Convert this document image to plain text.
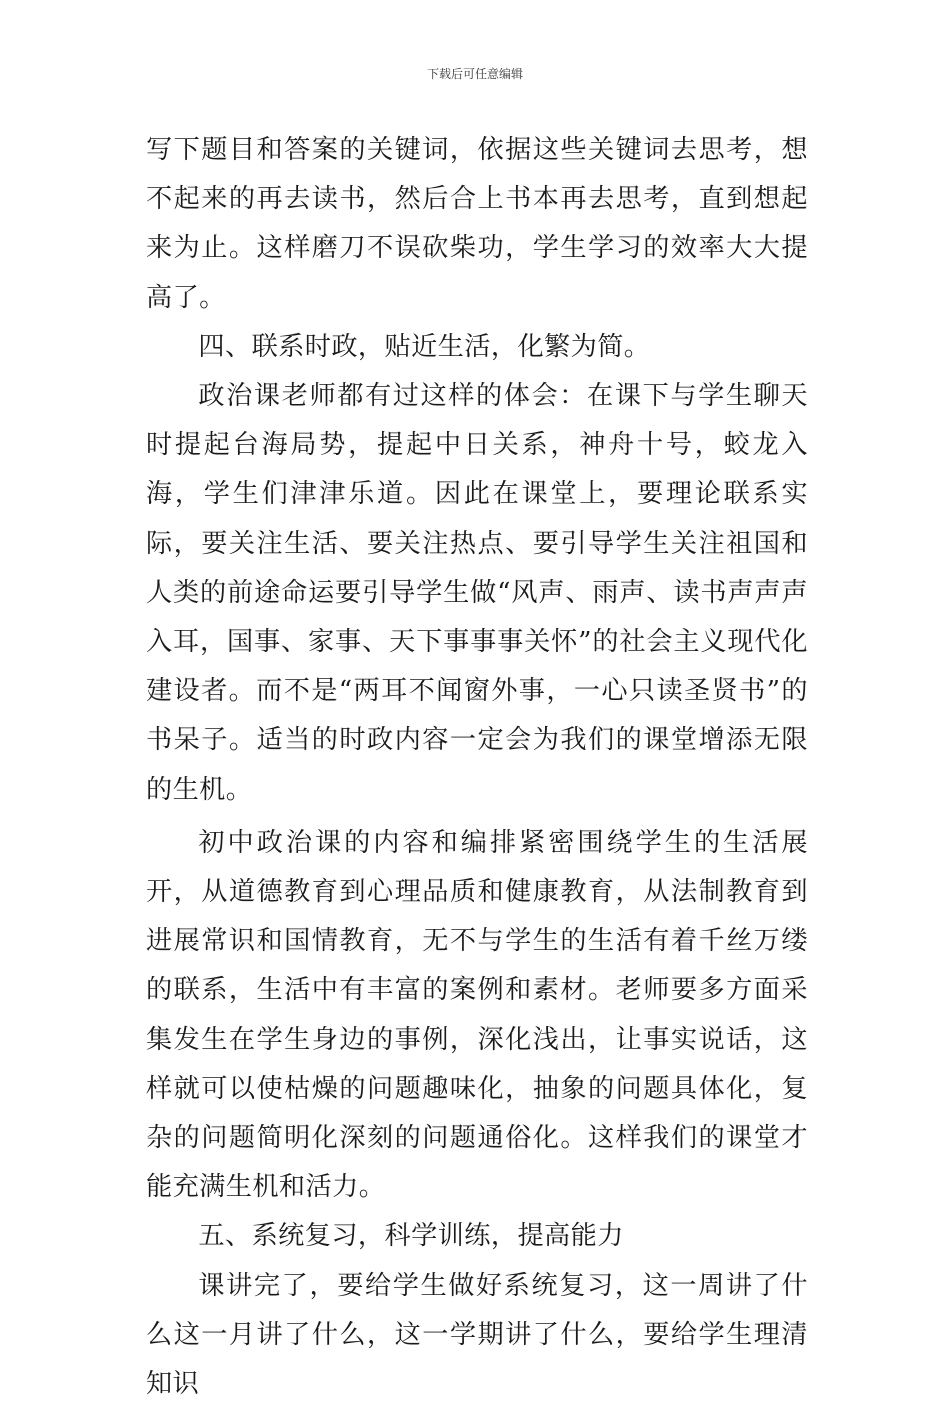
下载后可任意编辑

写下题目和答案的关键词，依据这些关键词去思考，想不起来的再去读书，然后合上书本再去思考，直到想起来为止。这样磨刀不误砍柴功，学生学习的效率大大提高了。

四、联系时政，贴近生活，化繁为简。

政治课老师都有过这样的体会：在课下与学生聊天时提起台海局势，提起中日关系，神舟十号，蛟龙入海，学生们津津乐道。因此在课堂上，要理论联系实际，要关注生活、要关注热点、要引导学生关注祖国和人类的前途命运要引导学生做“风声、雨声、读书声声声入耳，国事、家事、天下事事事关怀”的社会主义现代化建设者。而不是“两耳不闻窗外事，一心只读圣贤书”的书呆子。适当的时政内容一定会为我们的课堂增添无限的生机。

初中政治课的内容和编排紧密围绕学生的生活展开，从道德教育到心理品质和健康教育，从法制教育到进展常识和国情教育，无不与学生的生活有着千丝万缕的联系，生活中有丰富的案例和素材。老师要多方面采集发生在学生身边的事例，深化浅出，让事实说话，这样就可以使枯燥的问题趣味化，抽象的问题具体化，复杂的问题简明化深刻的问题通俗化。这样我们的课堂才能充满生机和活力。

五、系统复习，科学训练，提高能力

课讲完了，要给学生做好系统复习，这一周讲了什么这一月讲了什么，这一学期讲了什么，要给学生理清知识
